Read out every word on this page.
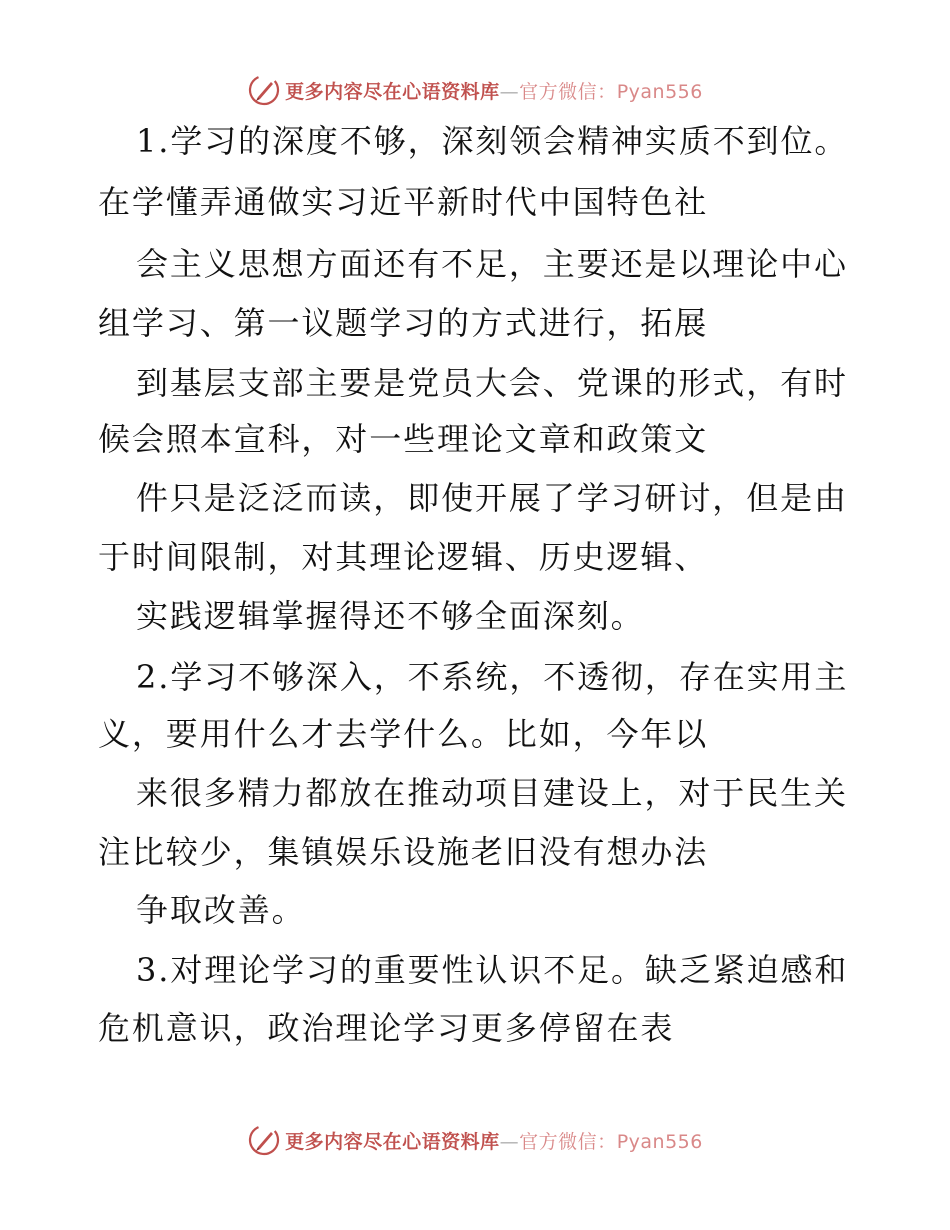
更多内容尽在心语资料库—官方微信：Pyan556
1.学习的深度不够，深刻领会精神实质不到位。
在学懂弄通做实习近平新时代中国特色社
会主义思想方面还有不足，主要还是以理论中心
组学习、第一议题学习的方式进行，拓展
到基层支部主要是党员大会、党课的形式，有时
候会照本宣科，对一些理论文章和政策文
件只是泛泛而读，即使开展了学习研讨，但是由
于时间限制，对其理论逻辑、历史逻辑、
实践逻辑掌握得还不够全面深刻。
2.学习不够深入，不系统，不透彻，存在实用主
义，要用什么才去学什么。比如，今年以
来很多精力都放在推动项目建设上，对于民生关
注比较少，集镇娱乐设施老旧没有想办法
争取改善。
3.对理论学习的重要性认识不足。缺乏紧迫感和
危机意识，政治理论学习更多停留在表
更多内容尽在心语资料库—官方微信：Pyan556
